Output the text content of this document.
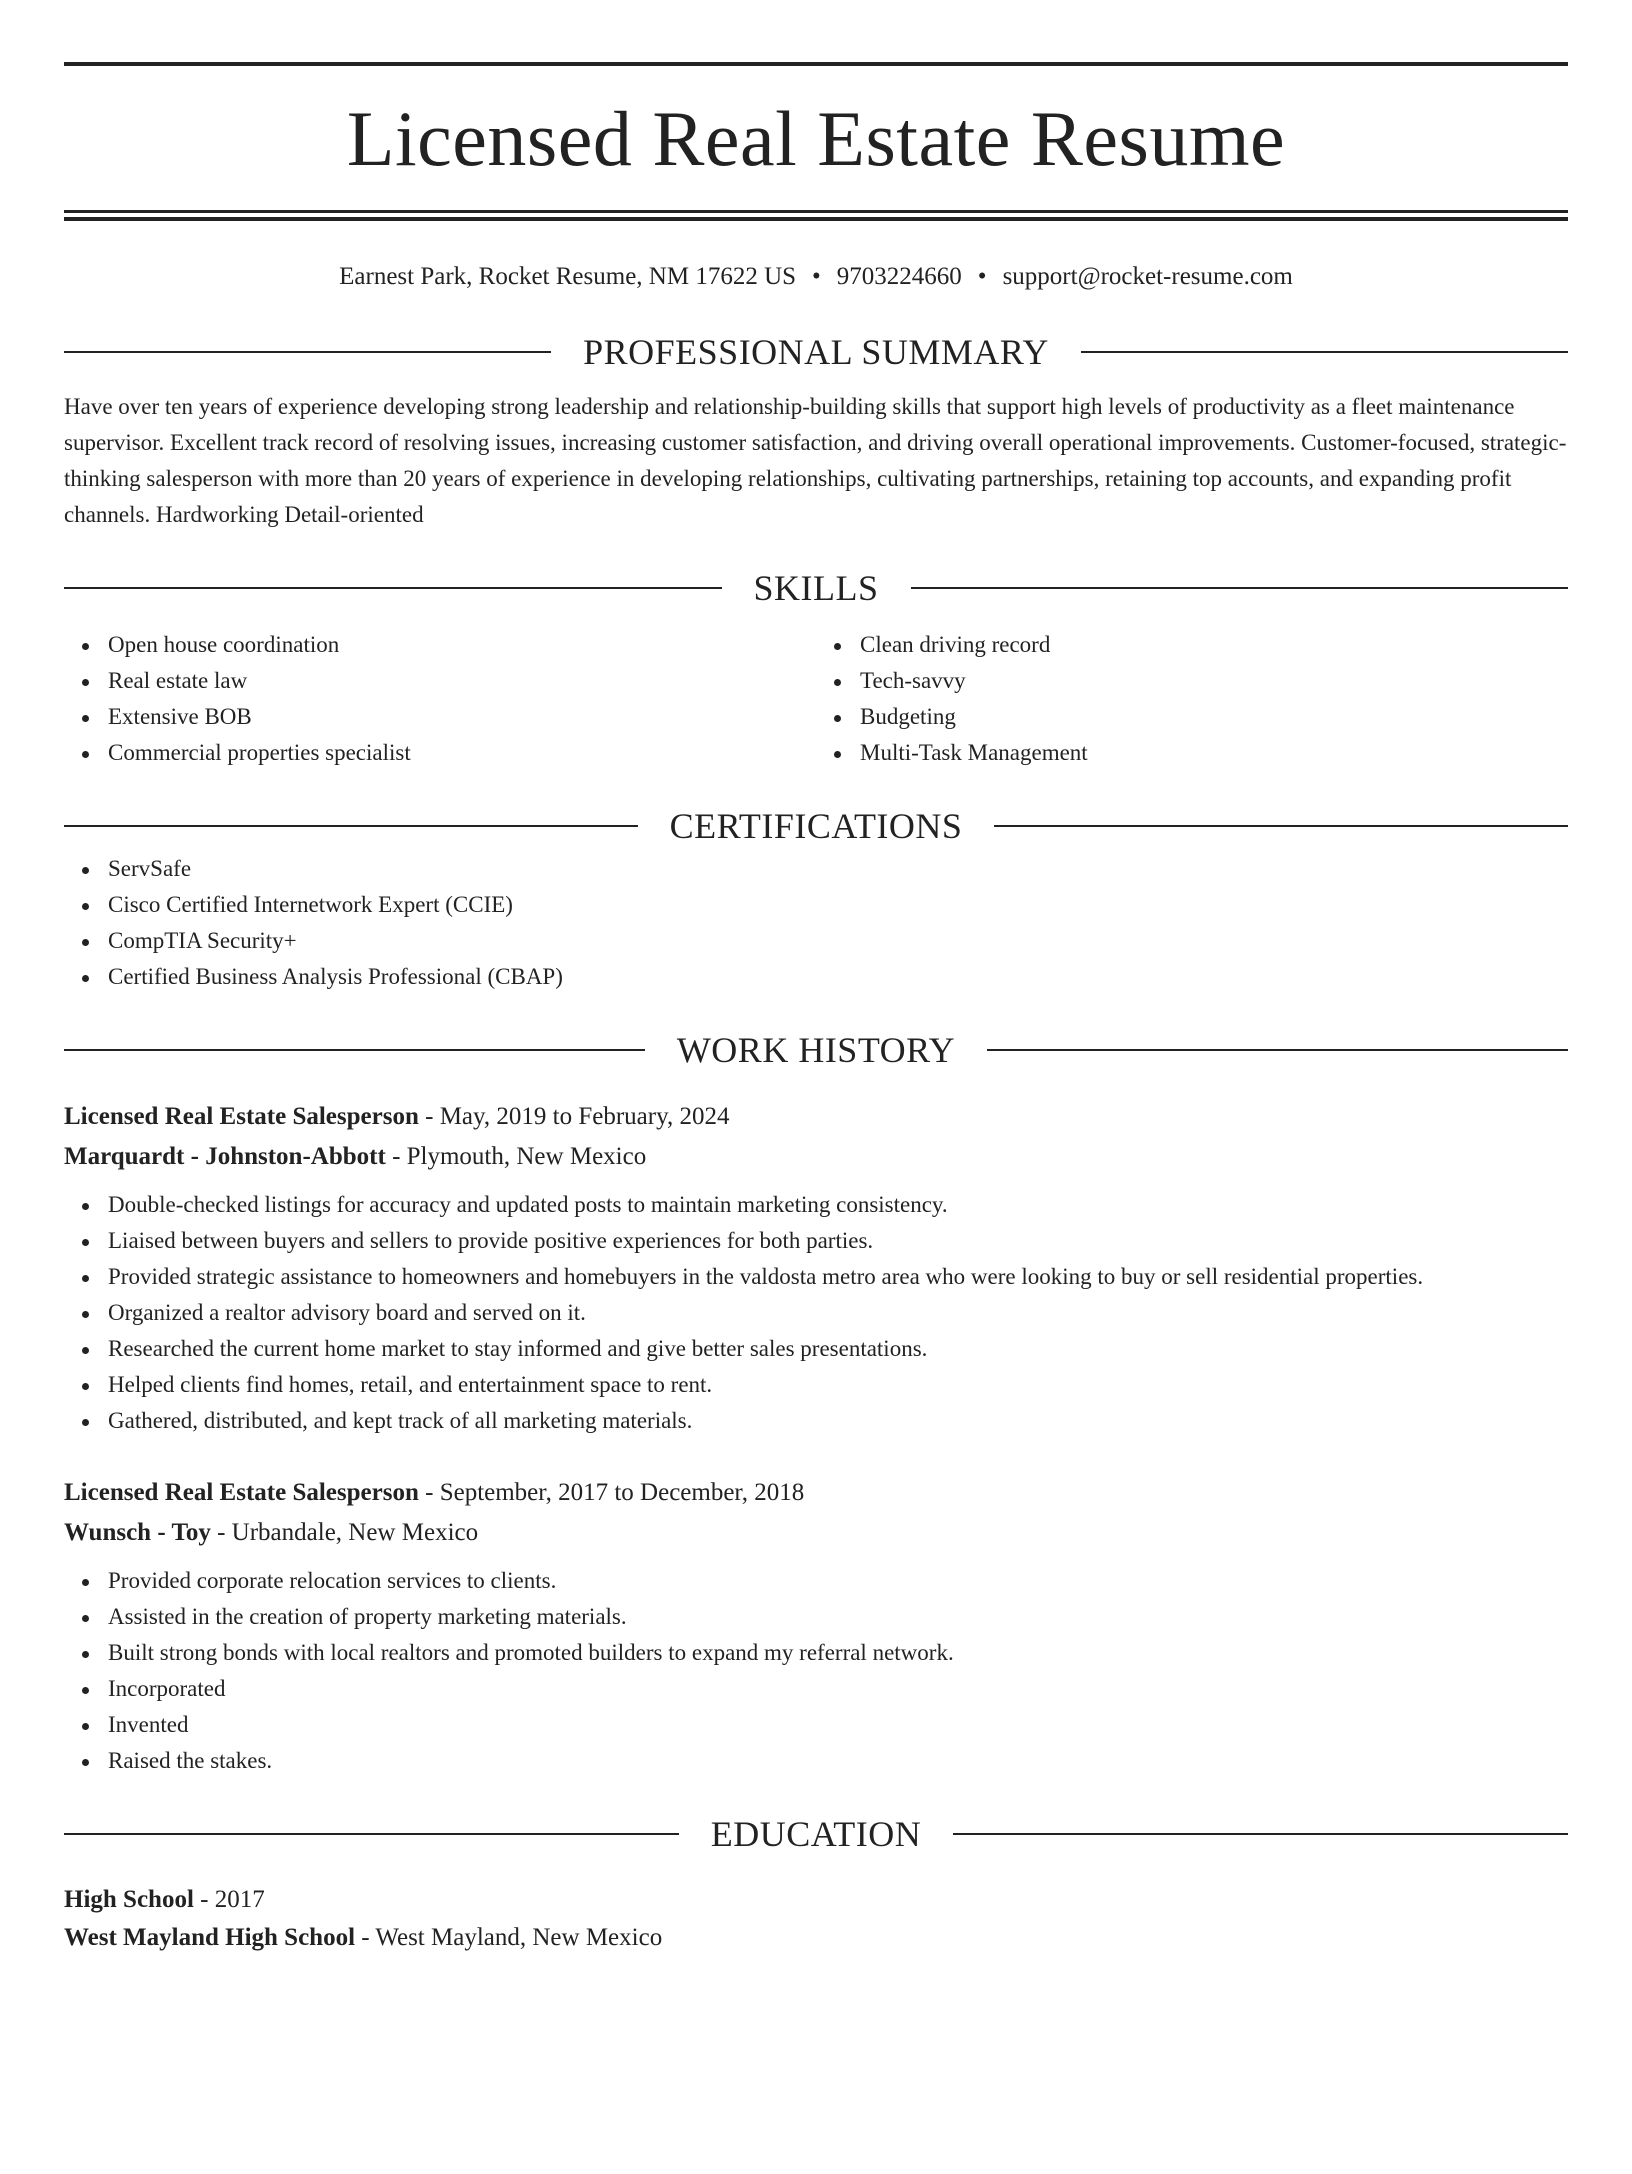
Licensed Real Estate Resume
Earnest Park, Rocket Resume, NM 17622 US • 9703224660 • support@rocket-resume.com
PROFESSIONAL SUMMARY

Have over ten years of experience developing strong leadership and relationship-building skills that support high levels of productivity as a fleet maintenance supervisor. Excellent track record of resolving issues, increasing customer satisfaction, and driving overall operational improvements. Customer-focused, strategic-thinking salesperson with more than 20 years of experience in developing relationships, cultivating partnerships, retaining top accounts, and expanding profit channels. Hardworking Detail-oriented

SKILLS
Open house coordination
Real estate law
Extensive BOB
Commercial properties specialist
Clean driving record
Tech-savvy
Budgeting
Multi-Task Management
CERTIFICATIONS
ServSafe
Cisco Certified Internetwork Expert (CCIE)
CompTIA Security+
Certified Business Analysis Professional (CBAP)
WORK HISTORY
Licensed Real Estate Salesperson - May, 2019 to February, 2024
Marquardt - Johnston-Abbott - Plymouth, New Mexico
Double-checked listings for accuracy and updated posts to maintain marketing consistency.
Liaised between buyers and sellers to provide positive experiences for both parties.
Provided strategic assistance to homeowners and homebuyers in the valdosta metro area who were looking to buy or sell residential properties.
Organized a realtor advisory board and served on it.
Researched the current home market to stay informed and give better sales presentations.
Helped clients find homes, retail, and entertainment space to rent.
Gathered, distributed, and kept track of all marketing materials.
Licensed Real Estate Salesperson - September, 2017 to December, 2018
Wunsch - Toy - Urbandale, New Mexico
Provided corporate relocation services to clients.
Assisted in the creation of property marketing materials.
Built strong bonds with local realtors and promoted builders to expand my referral network.
Incorporated
Invented
Raised the stakes.
EDUCATION
High School - 2017
West Mayland High School - West Mayland, New Mexico
